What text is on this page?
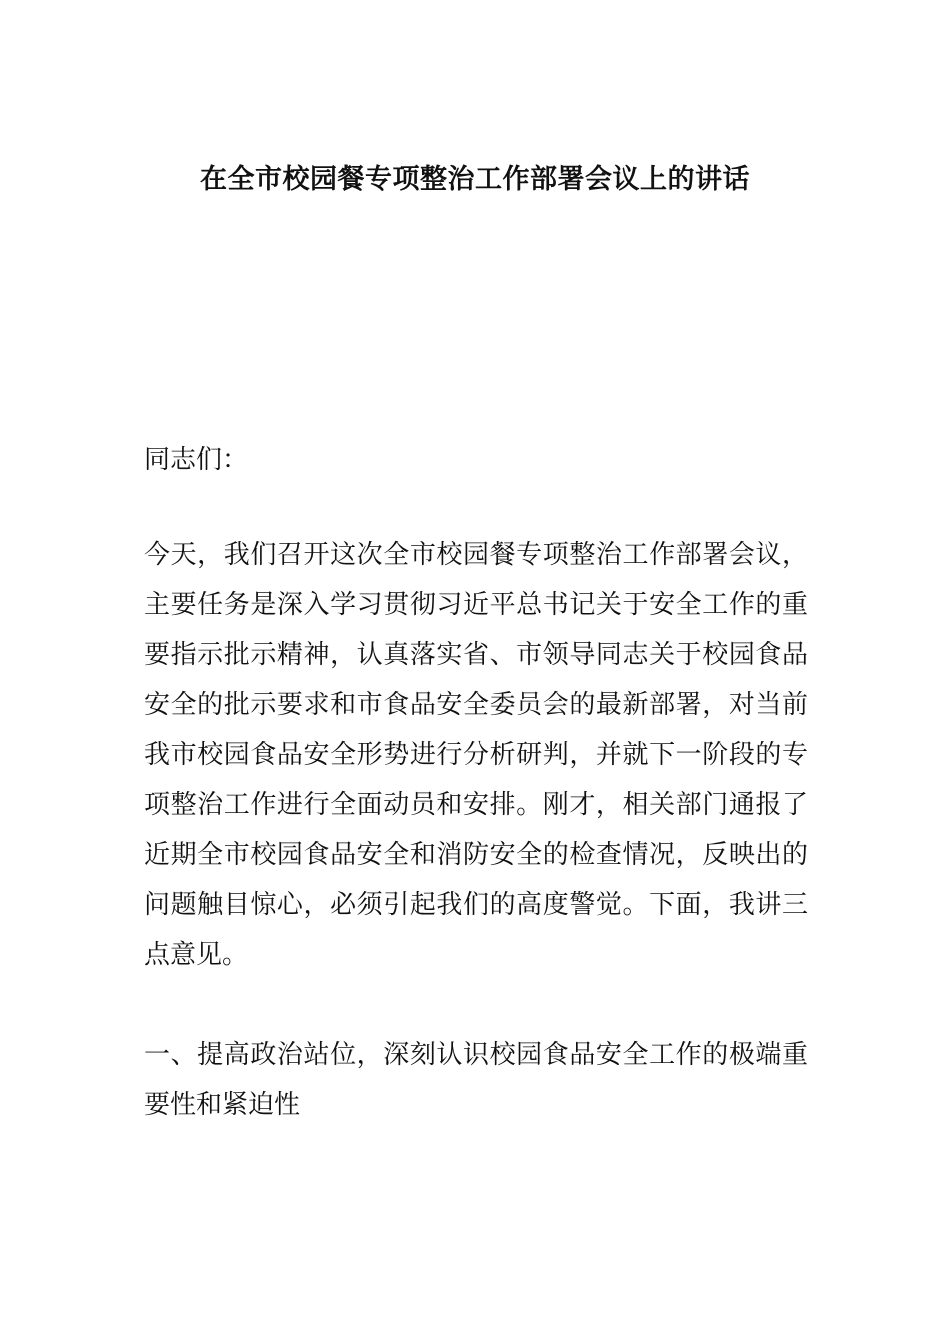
在全市校园餐专项整治工作部署会议上的讲话

同志们：

今天，我们召开这次全市校园餐专项整治工作部署会议，主要任务是深入学习贯彻习近平总书记关于安全工作的重要指示批示精神，认真落实省、市领导同志关于校园食品安全的批示要求和市食品安全委员会的最新部署，对当前我市校园食品安全形势进行分析研判，并就下一阶段的专项整治工作进行全面动员和安排。刚才，相关部门通报了近期全市校园食品安全和消防安全的检查情况，反映出的问题触目惊心，必须引起我们的高度警觉。下面，我讲三点意见。

一、提高政治站位，深刻认识校园食品安全工作的极端重要性和紧迫性
